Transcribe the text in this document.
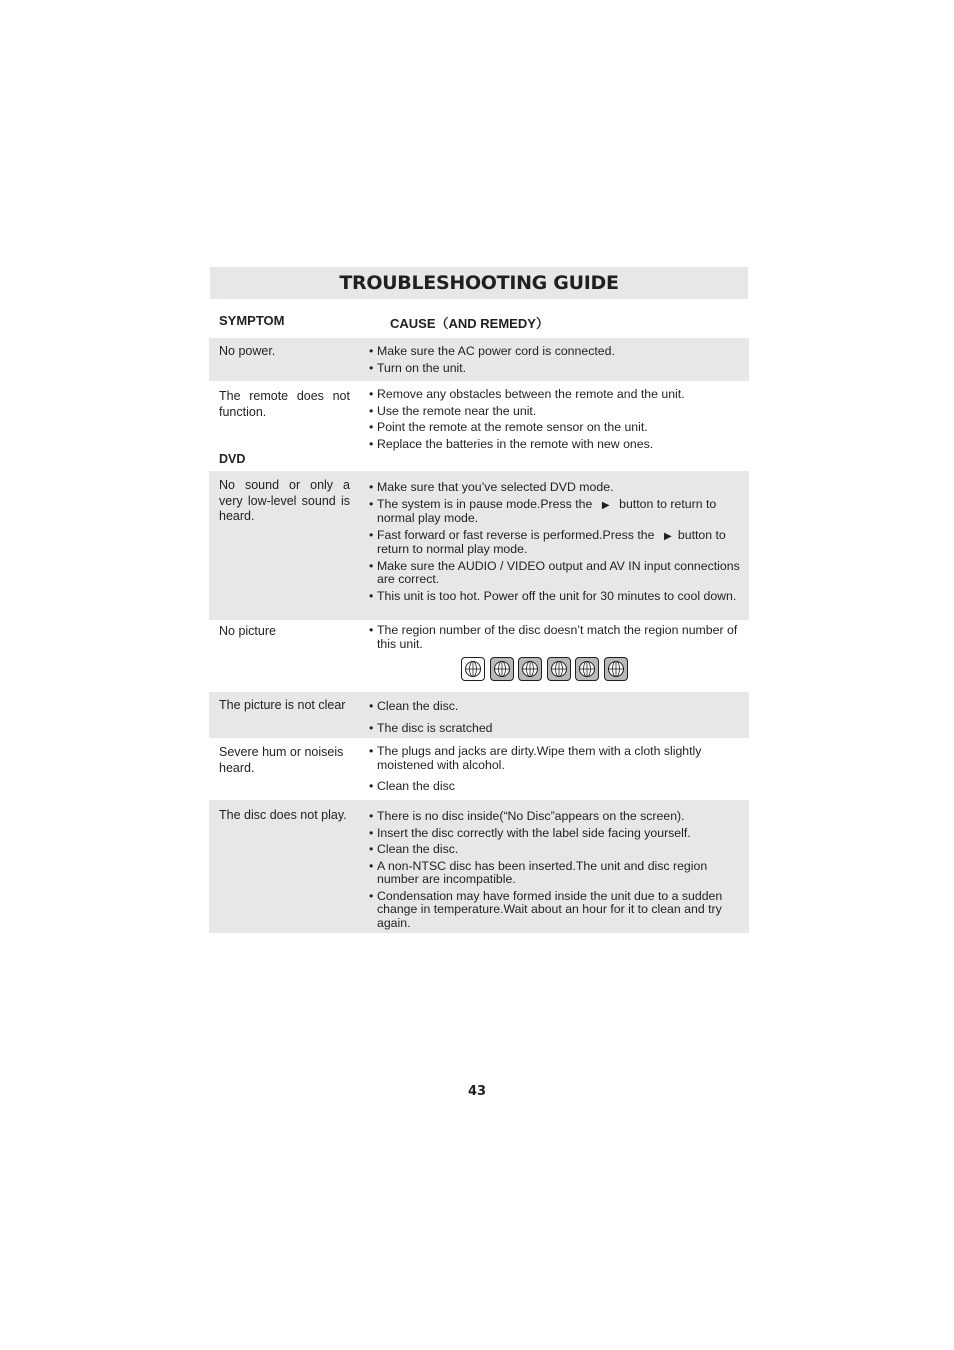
TROUBLESHOOTING GUIDE
SYMPTOM	CAUSE（AND REMEDY）
No power.	• Make sure the AC power cord is connected.
• Turn on the unit.
The remote does not function.
• Remove any obstacles between the remote and the unit.
• Use the remote near the unit.
• Point the remote at the remote sensor on the unit.
• Replace the batteries in the remote with new ones.
DVD
No sound or only a very low-level sound is heard.
• Make sure that you’ve selected DVD mode.
• The system is in pause mode.Press the ▶ button to return to normal play mode.
• Fast forward or fast reverse is performed.Press the ▶ button to return to normal play mode.
• Make sure the AUDIO / VIDEO output and AV IN input connections are correct.
• This unit is too hot. Power off the unit for 30 minutes to cool down.
No picture	• The region number of the disc doesn’t match the region number of this unit.
The picture is not clear	• Clean the disc.
• The disc is scratched
Severe hum or noiseis heard.
• The plugs and jacks are dirty.Wipe them with a cloth slightly moistened with alcohol.
• Clean the disc
The disc does not play.	• There is no disc inside(“No Disc”appears on the screen).
• Insert the disc correctly with the label side facing yourself.
• Clean the disc.
• A non-NTSC disc has been inserted.The unit and disc region number are incompatible.
• Condensation may have formed inside the unit due to a sudden change in temperature.Wait about an hour for it to clean and try again.
43
